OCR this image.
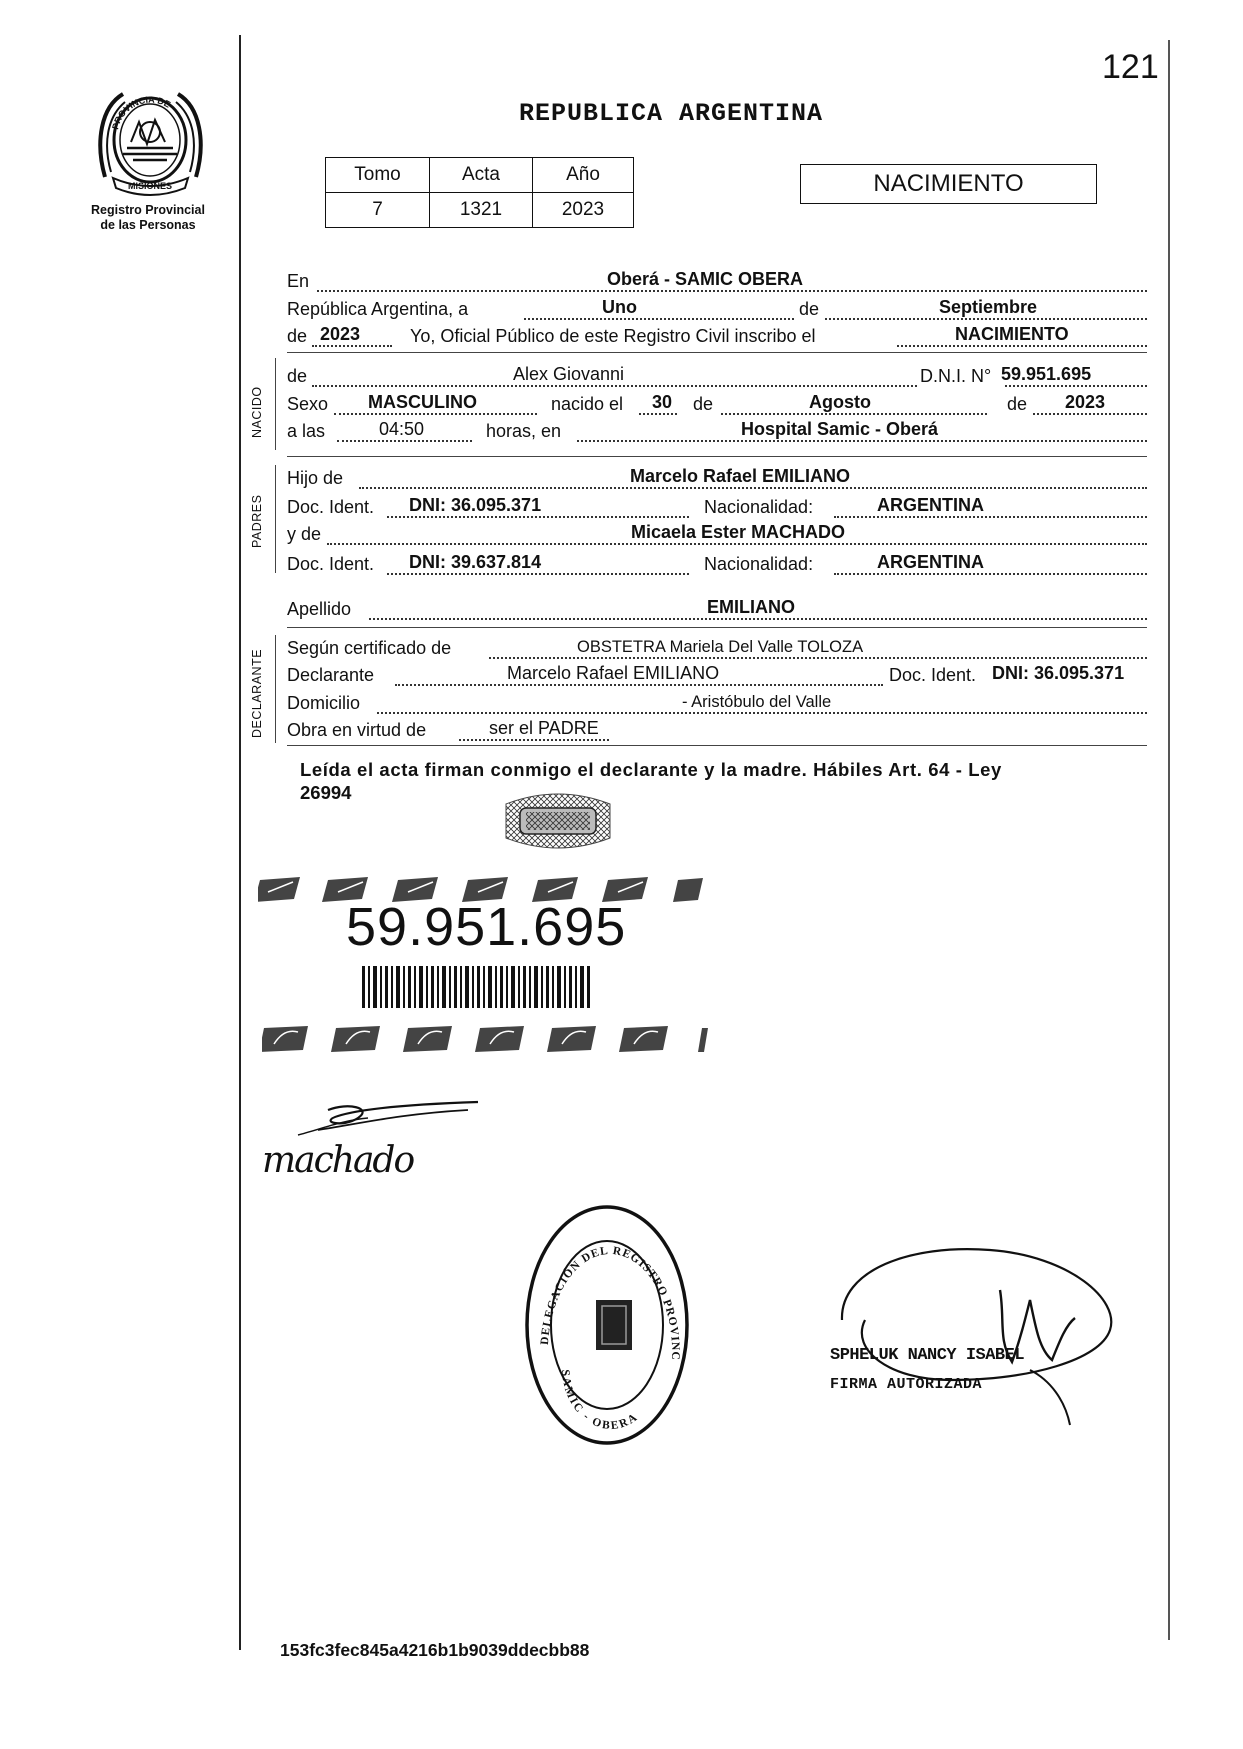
121
PROVINCIA DE
MISIONES
Registro Provincial
de las Personas
REPUBLICA ARGENTINA
Tomo	Acta	Año
7	1321	2023
NACIMIENTO
En	Oberá - SAMIC OBERA
República Argentina, a	Uno	de	Septiembre
de 2023	Yo, Oficial Público de este Registro Civil inscribo el	NACIMIENTO
de	Alex Giovanni	D.N.I. N° 59.951.695
Sexo MASCULINO	nacido el 30 de	Agosto	de 2023
a las	04:50	horas, en	Hospital Samic - Oberá
NACIDO
Hijo de	Marcelo Rafael EMILIANO
Doc. Ident. DNI: 36.095.371	Nacionalidad:	ARGENTINA
y de	Micaela Ester MACHADO
Doc. Ident. DNI: 39.637.814	Nacionalidad:	ARGENTINA
PADRES
Apellido	EMILIANO
Según certificado de	OBSTETRA Mariela Del Valle TOLOZA
Declarante	Marcelo Rafael EMILIANO	Doc. Ident. DNI: 36.095.371
Domicilio	- Aristóbulo del Valle
Obra en virtud de	ser el PADRE
DECLARANTE
Leída el acta firman conmigo el declarante y la madre. Hábiles Art. 64 - Ley
26994
59.951.695
machado
DELEGACIÓN DEL REGISTRO PROVINC
SAMIC - OBERA
SPHELUK NANCY ISABEL
FIRMA AUTORIZADA
153fc3fec845a4216b1b9039ddecbb88
